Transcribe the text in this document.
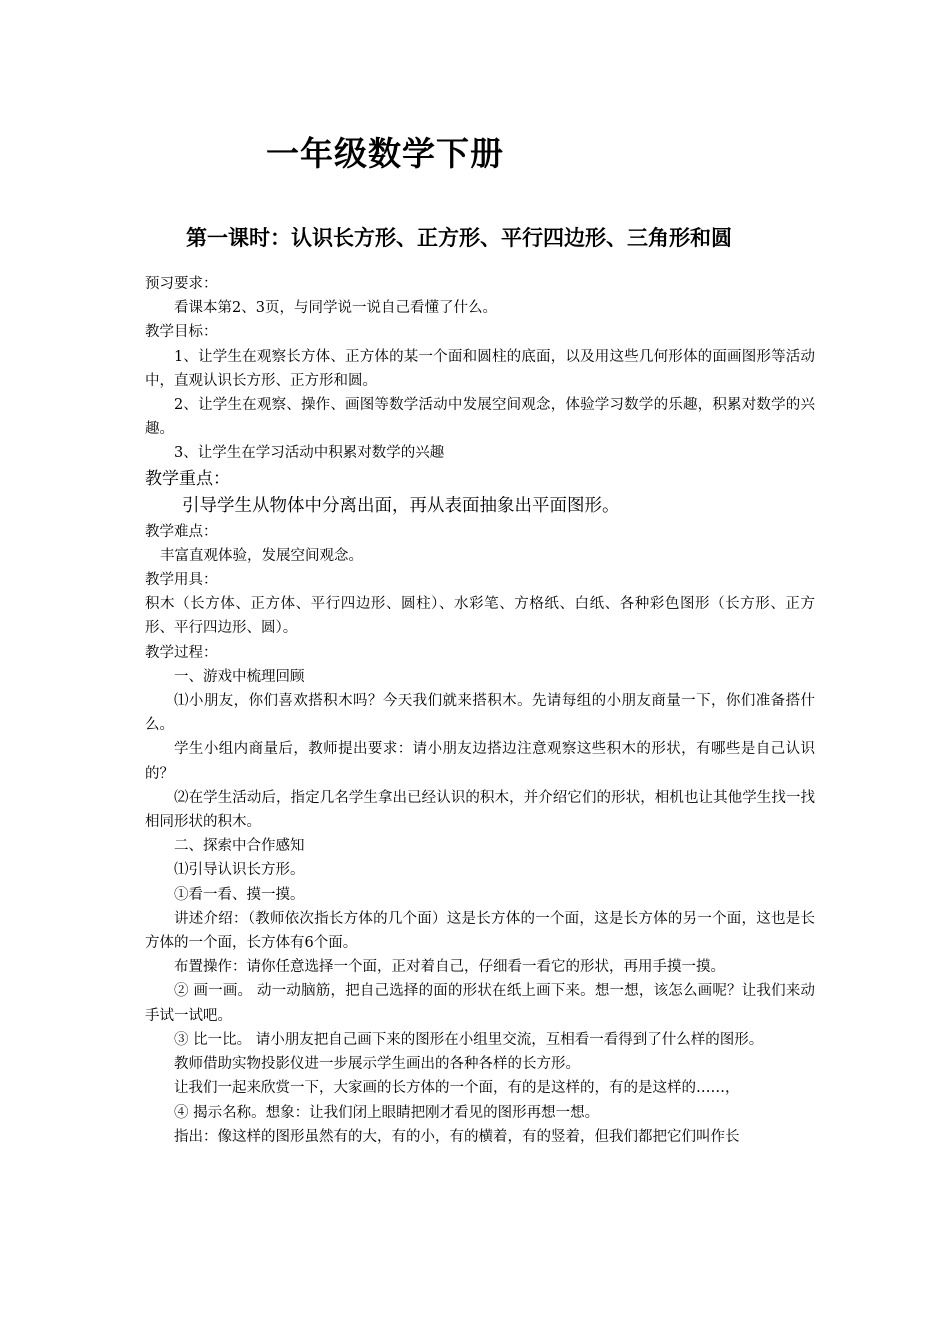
一年级数学下册
第一课时：认识长方形、正方形、平行四边形、三角形和圆

预习要求：

看课本第2、3页，与同学说一说自己看懂了什么。

教学目标：

1、让学生在观察长方体、正方体的某一个面和圆柱的底面，以及用这些几何形体的面画图形等活动中，直观认识长方形、正方形和圆。

2、让学生在观察、操作、画图等数学活动中发展空间观念，体验学习数学的乐趣，积累对数学的兴趣。

3、让学生在学习活动中积累对数学的兴趣

教学重点：

引导学生从物体中分离出面，再从表面抽象出平面图形。

教学难点：

丰富直观体验，发展空间观念。

教学用具：

积木（长方体、正方体、平行四边形、圆柱）、水彩笔、方格纸、白纸、各种彩色图形（长方形、正方形、平行四边形、圆）。

教学过程：

一、游戏中梳理回顾

⑴小朋友，你们喜欢搭积木吗？今天我们就来搭积木。先请每组的小朋友商量一下，你们准备搭什么。

学生小组内商量后，教师提出要求：请小朋友边搭边注意观察这些积木的形状，有哪些是自己认识的？

⑵在学生活动后，指定几名学生拿出已经认识的积木，并介绍它们的形状，相机也让其他学生找一找相同形状的积木。

二、探索中合作感知

⑴引导认识长方形。

①看一看、摸一摸。

讲述介绍：（教师依次指长方体的几个面）这是长方体的一个面，这是长方体的另一个面，这也是长方体的一个面，长方体有6个面。

布置操作：请你任意选择一个面，正对着自己，仔细看一看它的形状，再用手摸一摸。

② 画一画。 动一动脑筋，把自己选择的面的形状在纸上画下来。想一想，该怎么画呢？让我们来动手试一试吧。

③ 比一比。 请小朋友把自己画下来的图形在小组里交流，互相看一看得到了什么样的图形。

教师借助实物投影仪进一步展示学生画出的各种各样的长方形。

让我们一起来欣赏一下，大家画的长方体的一个面，有的是这样的，有的是这样的……，

④ 揭示名称。想象：让我们闭上眼睛把刚才看见的图形再想一想。

指出：像这样的图形虽然有的大，有的小，有的横着，有的竖着，但我们都把它们叫作长
